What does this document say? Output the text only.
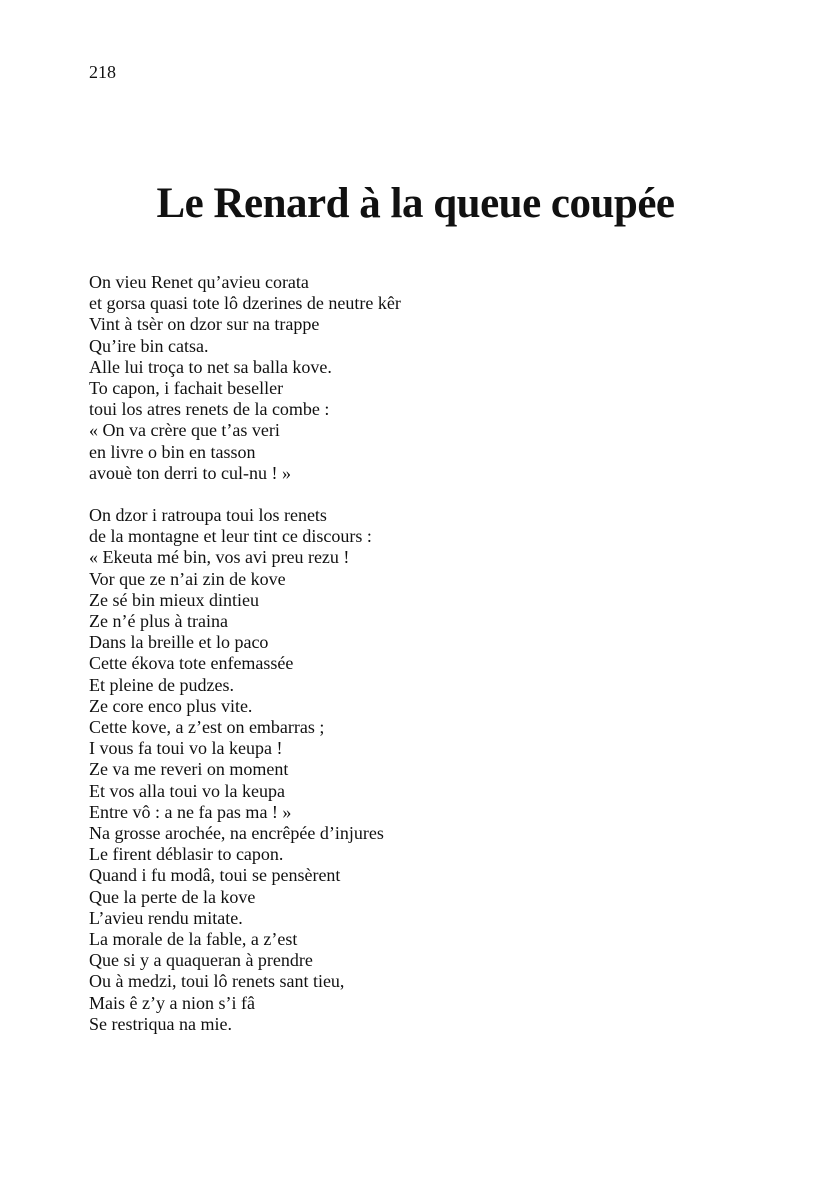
218

Le Renard à la queue coupée
On vieu Renet qu’avieu corata
et gorsa quasi tote lô dzerines de neutre kêr
Vint à tsèr on dzor sur na trappe
Qu’ire bin catsa.
Alle lui troça to net sa balla kove.
To capon, i fachait beseller
toui los atres renets de la combe :
« On va crère que t’as veri
en livre o bin en tasson
avouè ton derri to cul-nu ! »
On dzor i ratroupa toui los renets
de la montagne et leur tint ce discours :
« Ekeuta mé bin, vos avi preu rezu !
Vor que ze n’ai zin de kove
Ze sé bin mieux dintieu
Ze n’é plus à traina
Dans la breille et lo paco
Cette ékova tote enfemassée
Et pleine de pudzes.
Ze core enco plus vite.
Cette kove, a z’est on embarras ;
I vous fa toui vo la keupa !
Ze va me reveri on moment
Et vos alla toui vo la keupa
Entre vô : a ne fa pas ma ! »
Na grosse arochée, na encrêpée d’injures
Le firent déblasir to capon.
Quand i fu modâ, toui se pensèrent
Que la perte de la kove
L’avieu rendu mitate.
La morale de la fable, a z’est
Que si y a quaqueran à prendre
Ou à medzi, toui lô renets sant tieu,
Mais ê z’y a nion s’i fâ
Se restriqua na mie.
